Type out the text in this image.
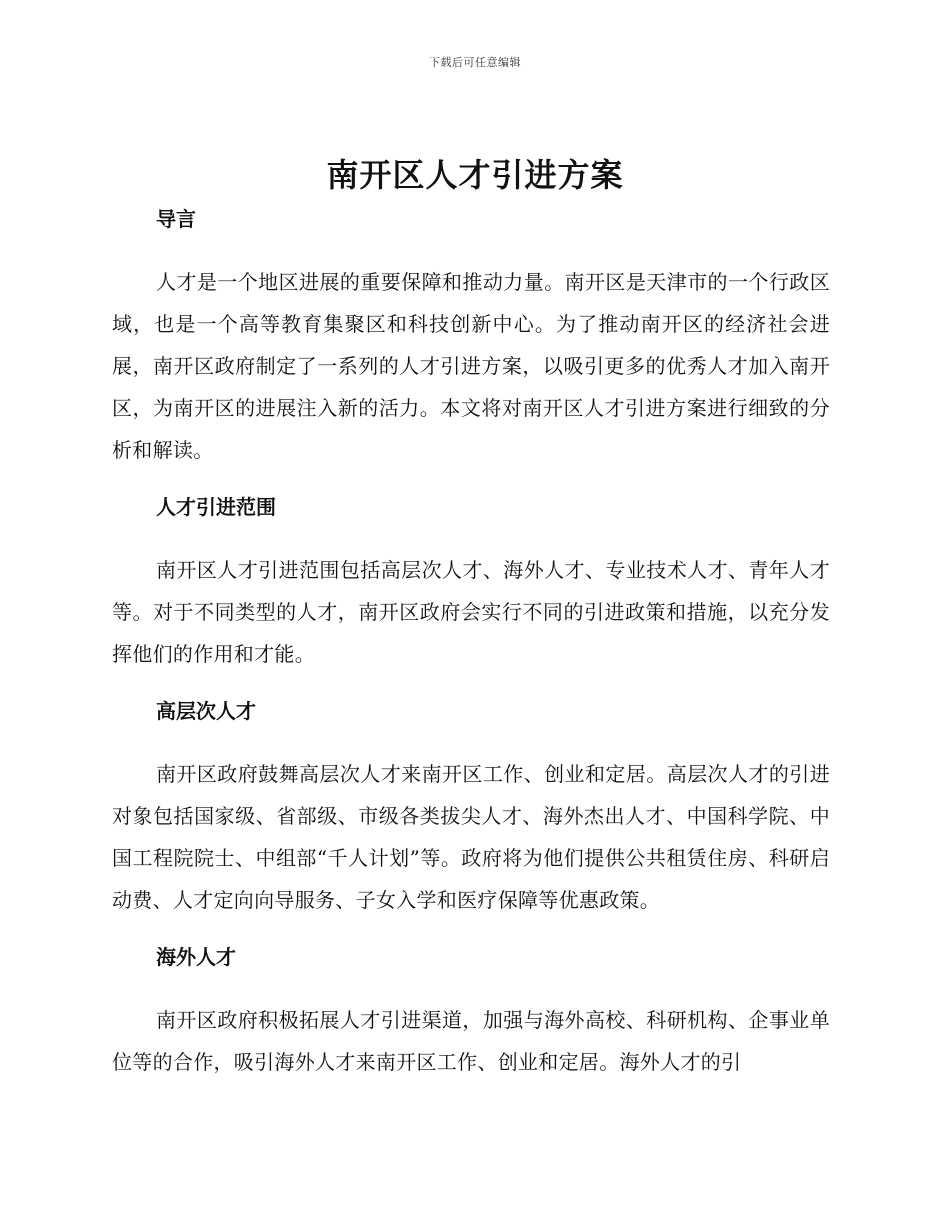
下载后可任意编辑
南开区人才引进方案
导言

人才是一个地区进展的重要保障和推动力量。南开区是天津市的一个行政区域，也是一个高等教育集聚区和科技创新中心。为了推动南开区的经济社会进展，南开区政府制定了一系列的人才引进方案，以吸引更多的优秀人才加入南开区，为南开区的进展注入新的活力。本文将对南开区人才引进方案进行细致的分析和解读。

人才引进范围

南开区人才引进范围包括高层次人才、海外人才、专业技术人才、青年人才等。对于不同类型的人才，南开区政府会实行不同的引进政策和措施，以充分发挥他们的作用和才能。

高层次人才

南开区政府鼓舞高层次人才来南开区工作、创业和定居。高层次人才的引进对象包括国家级、省部级、市级各类拔尖人才、海外杰出人才、中国科学院、中国工程院院士、中组部“千人计划”等。政府将为他们提供公共租赁住房、科研启动费、人才定向向导服务、子女入学和医疗保障等优惠政策。

海外人才

南开区政府积极拓展人才引进渠道，加强与海外高校、科研机构、企事业单位等的合作，吸引海外人才来南开区工作、创业和定居。海外人才的引
